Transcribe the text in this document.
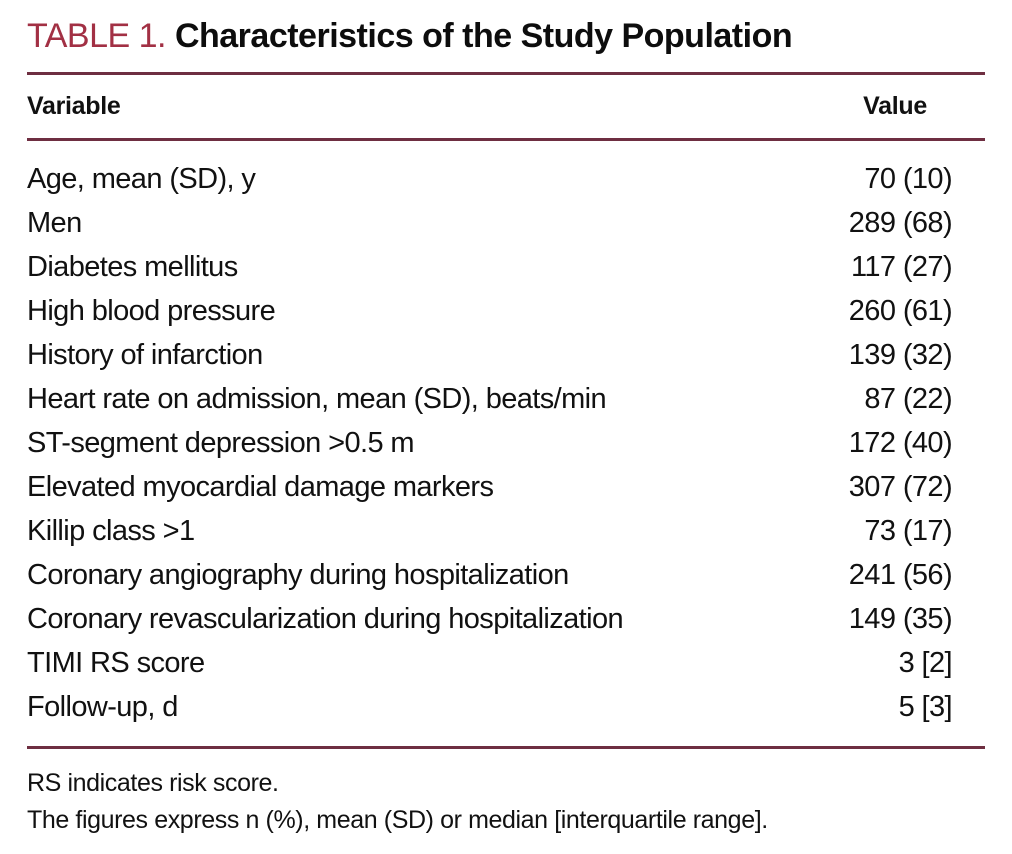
TABLE 1. Characteristics of the Study Population
Variable	Value
Age, mean (SD), y	70 (10)
Men	289 (68)
Diabetes mellitus	117 (27)
High blood pressure	260 (61)
History of infarction	139 (32)
Heart rate on admission, mean (SD), beats/min	87 (22)
ST-segment depression >0.5 m	172 (40)
Elevated myocardial damage markers	307 (72)
Killip class >1	73 (17)
Coronary angiography during hospitalization	241 (56)
Coronary revascularization during hospitalization	149 (35)
TIMI RS score	3 [2]
Follow-up, d	5 [3]
RS indicates risk score.
The figures express n (%), mean (SD) or median [interquartile range].
